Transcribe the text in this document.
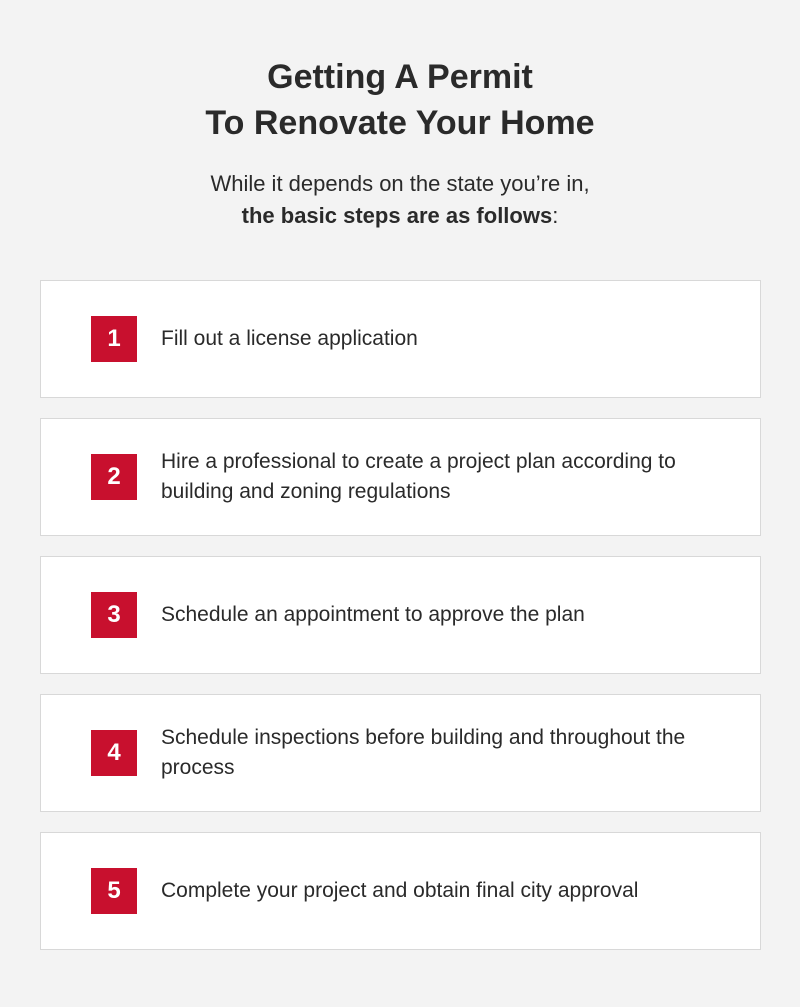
Getting A Permit
To Renovate Your Home

While it depends on the state you’re in,
the basic steps are as follows:

1	Fill out a license application
2
Hire a professional to create a project plan according to building and zoning regulations
3	Schedule an appointment to approve the plan
4
Schedule inspections before building and throughout the process
5	Complete your project and obtain final city approval
